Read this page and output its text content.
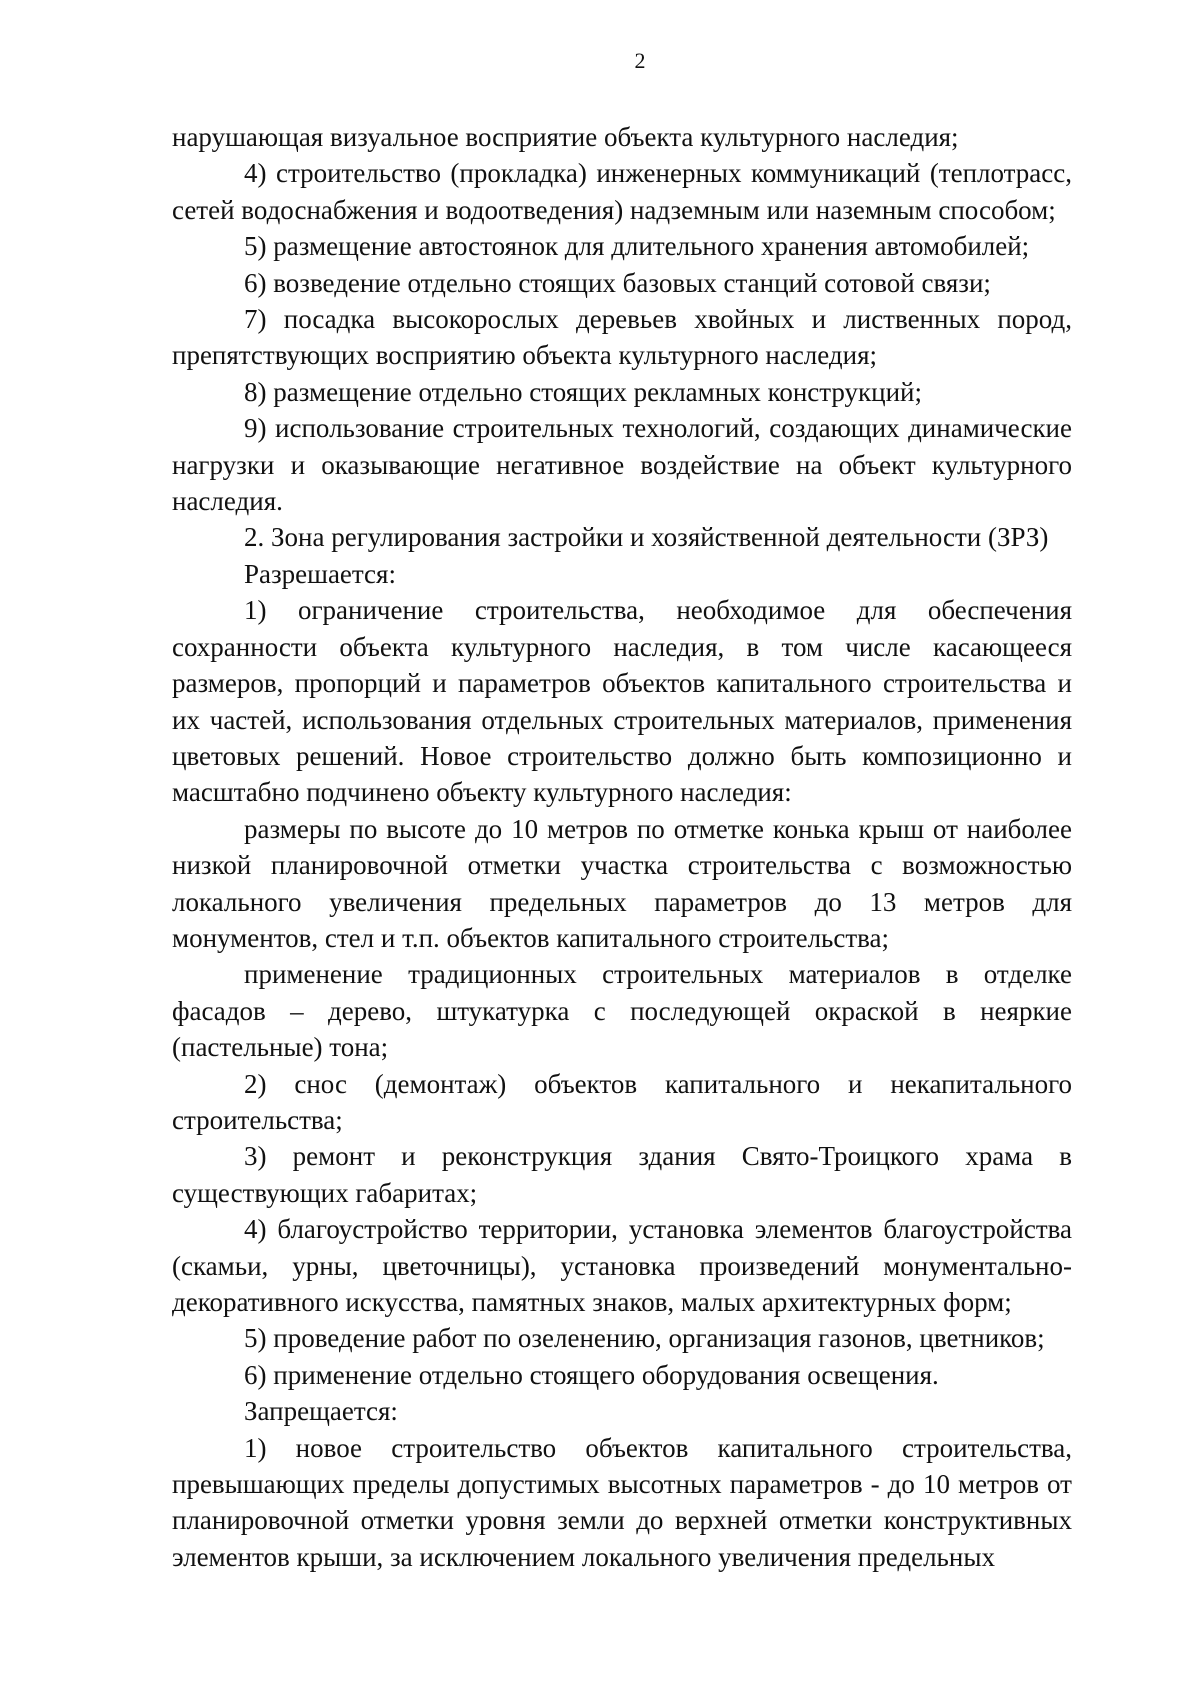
2

нарушающая визуальное восприятие объекта культурного наследия;

4) строительство (прокладка) инженерных коммуникаций (теплотрасс, сетей водоснабжения и водоотведения) надземным или наземным способом;

5) размещение автостоянок для длительного хранения автомобилей;

6) возведение отдельно стоящих базовых станций сотовой связи;

7) посадка высокорослых деревьев хвойных и лиственных пород, препятствующих восприятию объекта культурного наследия;

8) размещение отдельно стоящих рекламных конструкций;

9) использование строительных технологий, создающих динамические нагрузки и оказывающие негативное воздействие на объект культурного наследия.

2. Зона регулирования застройки и хозяйственной деятельности (ЗРЗ)

Разрешается:

1) ограничение строительства, необходимое для обеспечения сохранности объекта культурного наследия, в том числе касающееся размеров, пропорций и параметров объектов капитального строительства и их частей, использования отдельных строительных материалов, применения цветовых решений. Новое строительство должно быть композиционно и масштабно подчинено объекту культурного наследия:

размеры по высоте до 10 метров по отметке конька крыш от наиболее низкой планировочной отметки участка строительства с возможностью локального увеличения предельных параметров до 13 метров для монументов, стел и т.п. объектов капитального строительства;

применение традиционных строительных материалов в отделке фасадов – дерево, штукатурка с последующей окраской в неяркие (пастельные) тона;

2) снос (демонтаж) объектов капитального и некапитального строительства;

3) ремонт и реконструкция здания Свято-Троицкого храма в существующих габаритах;

4) благоустройство территории, установка элементов благоустройства (скамьи, урны, цветочницы), установка произведений монументально-декоративного искусства, памятных знаков, малых архитектурных форм;

5) проведение работ по озеленению, организация газонов, цветников;

6) применение отдельно стоящего оборудования освещения.

Запрещается:

1) новое строительство объектов капитального строительства, превышающих пределы допустимых высотных параметров - до 10 метров от планировочной отметки уровня земли до верхней отметки конструктивных элементов крыши, за исключением локального увеличения предельных
